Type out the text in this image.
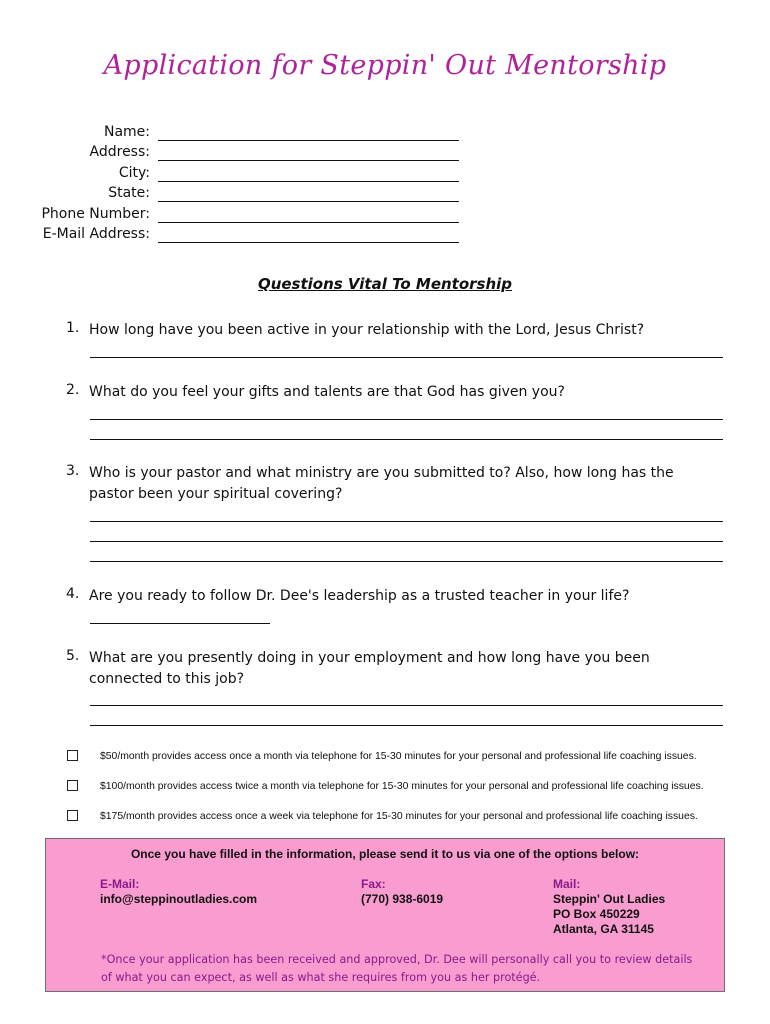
Application for Steppin' Out Mentorship
Name:
Address:
City:
State:
Phone Number:
E-Mail Address:
Questions Vital To Mentorship
1. How long have you been active in your relationship with the Lord, Jesus Christ?
2. What do you feel your gifts and talents are that God has given you?
3. Who is your pastor and what ministry are you submitted to? Also, how long has the pastor been your spiritual covering?
4. Are you ready to follow Dr. Dee's leadership as a trusted teacher in your life?
5. What are you presently doing in your employment and how long have you been connected to this job?
$50/month provides access once a month via telephone for 15-30 minutes for your personal and professional life coaching issues.
$100/month provides access twice a month via telephone for 15-30 minutes for your personal and professional life coaching issues.
$175/month provides access once a week via telephone for 15-30 minutes for your personal and professional life coaching issues.
Once you have filled in the information, please send it to us via one of the options below:
E-Mail:
info@steppinoutladies.com
Fax:
(770) 938-6019
Mail:
Steppin' Out Ladies
PO Box 450229
Atlanta, GA 31145
*Once your application has been received and approved, Dr. Dee will personally call you to review details of what you can expect, as well as what she requires from you as her protégé.
